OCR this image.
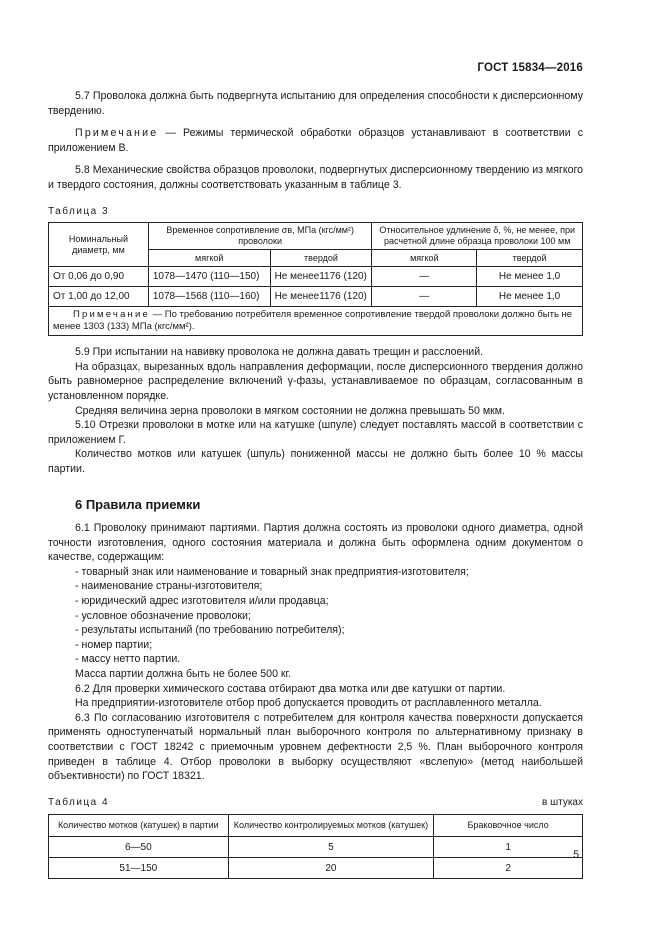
ГОСТ 15834—2016

5.7 Проволока должна быть подвергнута испытанию для определения способности к дисперсионному твердению.

Примечание — Режимы термической обработки образцов устанавливают в соответствии с приложением В.

5.8 Механические свойства образцов проволоки, подвергнутых дисперсионному твердению из мягкого и твердого состояния, должны соответствовать указанным в таблице 3.

Таблица 3
Номинальный диаметр, мм	Временное сопротивление σв, МПа (кгс/мм²) проволоки		Относительное удлинение δ, %, не менее, при расчетной длине образца проволоки 100 мм	
	мягкой	твердой	мягкой	твердой
От 0,06 до 0,90	1078—1470 (110—150)	Не менее1176 (120)	—	Не менее 1,0
От 1,00 до 12,00	1078—1568 (110—160)	Не менее1176 (120)	—	Не менее 1,0
Примечание — По требованию потребителя временное сопротивление твердой проволоки должно быть не менее 1303 (133) МПа (кгс/мм²).				

5.9 При испытании на навивку проволока не должна давать трещин и расслоений.

На образцах, вырезанных вдоль направления деформации, после дисперсионного твердения должно быть равномерное распределение включений γ-фазы, устанавливаемое по образцам, согласованным в установленном порядке.

Средняя величина зерна проволоки в мягком состоянии не должна превышать 50 мкм.

5.10 Отрезки проволоки в мотке или на катушке (шпуле) следует поставлять массой в соответствии с приложением Г.

Количество мотков или катушек (шпуль) пониженной массы не должно быть более 10 % массы партии.

6 Правила приемки

6.1 Проволоку принимают партиями. Партия должна состоять из проволоки одного диаметра, одной точности изготовления, одного состояния материала и должна быть оформлена одним документом о качестве, содержащим:

- товарный знак или наименование и товарный знак предприятия-изготовителя;
- наименование страны-изготовителя;
- юридический адрес изготовителя и/или продавца;
- условное обозначение проволоки;
- результаты испытаний (по требованию потребителя);
- номер партии;
- массу нетто партии.

Масса партии должна быть не более 500 кг.

6.2 Для проверки химического состава отбирают два мотка или две катушки от партии.

На предприятии-изготовителе отбор проб допускается проводить от расплавленного металла.

6.3 По согласованию изготовителя с потребителем для контроля качества поверхности допускается применять одноступенчатый нормальный план выборочного контроля по альтернативному признаку в соответствии с ГОСТ 18242 с приемочным уровнем дефектности 2,5 %. План выборочного контроля приведен в таблице 4. Отбор проволоки в выборку осуществляют «вслепую» (метод наибольшей объективности) по ГОСТ 18321.

Таблица 4	в штуках
Количество мотков (катушек) в партии	Количество контролируемых мотков (катушек)	Браковочное число
6—50	5	1
51—150	20	2
5
